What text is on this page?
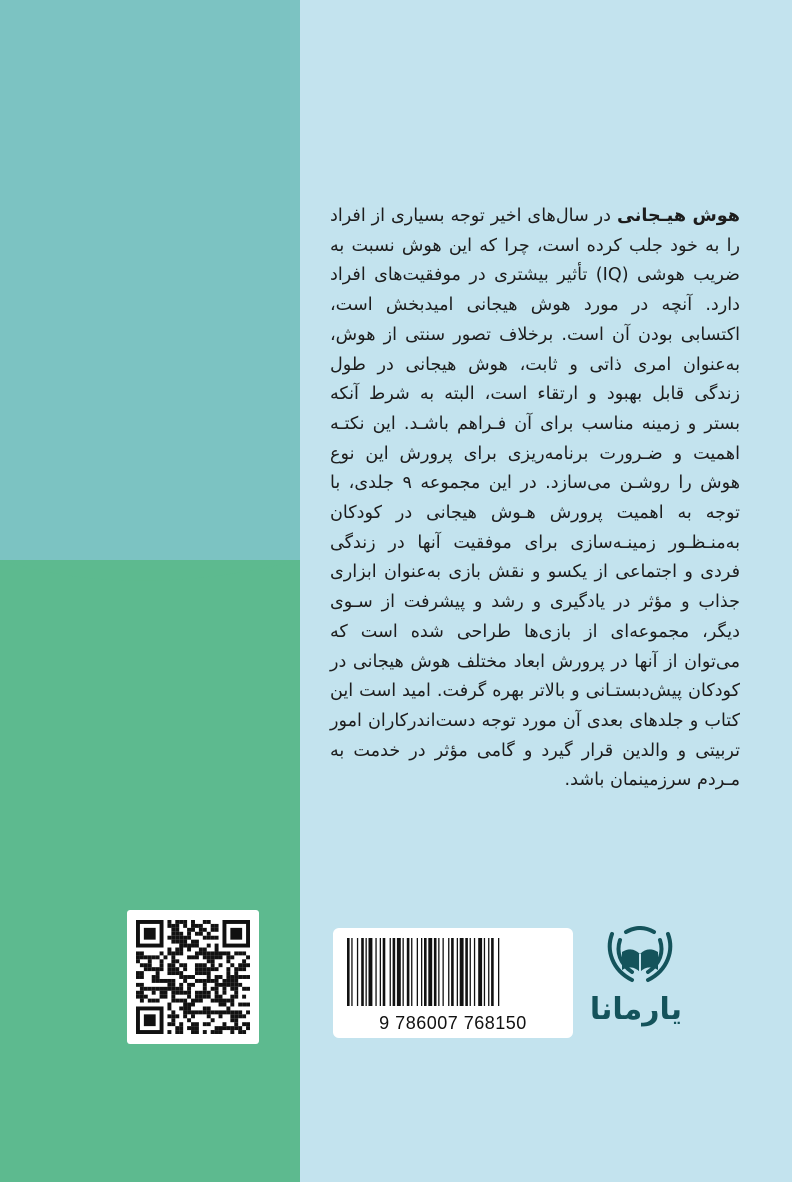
هوش هیـجانی در سال‌های اخیر توجه بسیاری از افراد را به خود جلب کرده است، چرا که این هوش نسبت به ضریب هوشی (IQ) تأثیر بیشتری در موفقیت‌های افراد دارد. آنچه در مورد هوش هیجانی امیدبخش است، اکتسابی بودن آن است. برخلاف تصور سنتی از هوش، به‌عنوان امری ذاتی و ثابت، هوش هیجانی در طول زندگی قابل بهبود و ارتقاء است، البته به شرط آنکه بستر و زمینه مناسب برای آن فـراهم باشـد. این نکتـه اهمیت و ضـرورت برنامه‌ریزی برای پرورش این نوع هوش را روشـن می‌سازد. در این مجموعه ۹ جلدی، با توجه به اهمیت پرورش هـوش هیجانی در کودکان به‌منـظـور زمینـه‌سازی برای موفقیت آنها در زندگی فردی و اجتماعی از یکسو و نقش بازی به‌عنوان ابزاری جذاب و مؤثر در یادگیری و رشد و پیشرفت از سـوی دیگر، مجموعه‌ای از بازی‌ها طراحی شده است که می‌توان از آنها در پرورش ابعاد مختلف هوش هیجانی در کودکان پیش‌دبستـانی و بالاتر بهره گرفت. امید است این کتاب و جلدهای بعدی آن مورد توجه دست‌اندرکاران امور تربیتی و والدین قرار گیرد و گامی مؤثر در خدمت به مـردم سرزمینمان باشد.
9 786007 768150	یارمانا
